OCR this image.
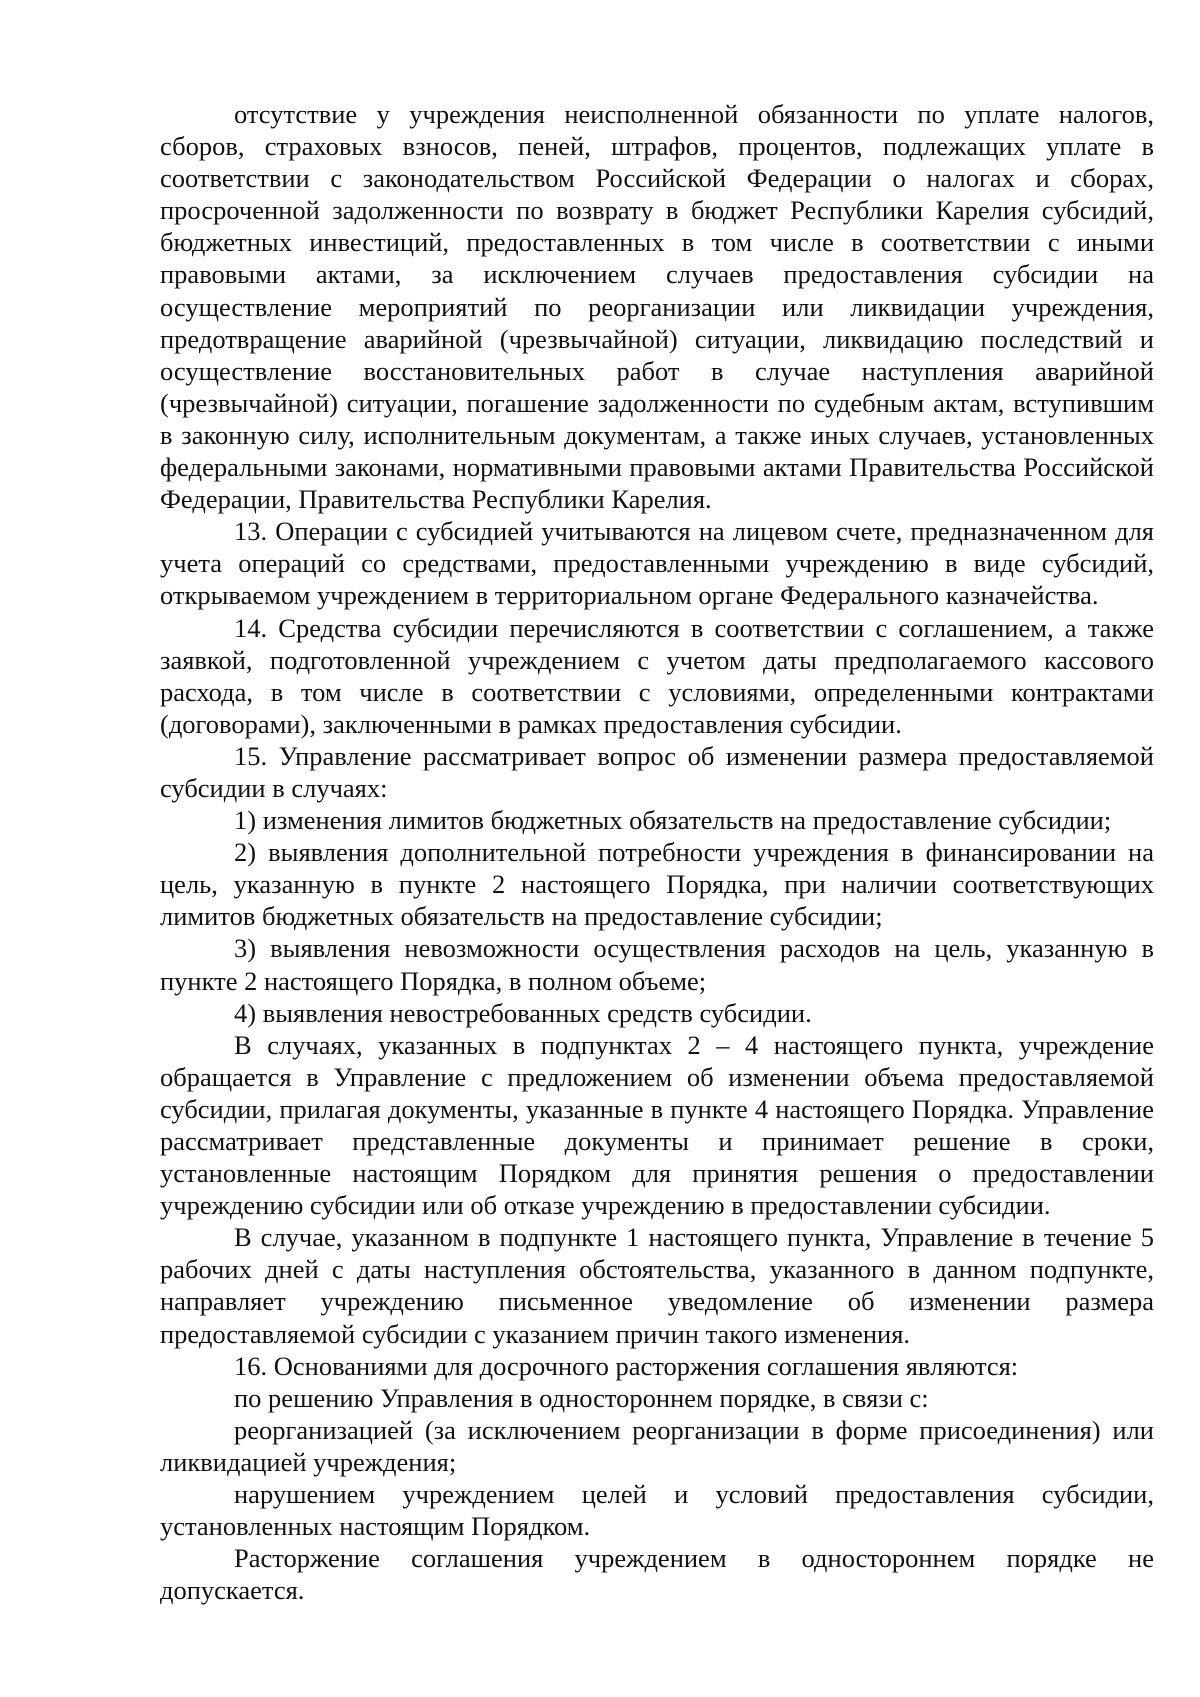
отсутствие у учреждения неисполненной обязанности по уплате налогов, сборов, страховых взносов, пеней, штрафов, процентов, подлежащих уплате в соответствии с законодательством Российской Федерации о налогах и сборах, просроченной задолженности по возврату в бюджет Республики Карелия субсидий, бюджетных инвестиций, предоставленных в том числе в соответствии с иными правовыми актами, за исключением случаев предоставления субсидии на осуществление мероприятий по реорганизации или ликвидации учреждения, предотвращение аварийной (чрезвычайной) ситуации, ликвидацию последствий и осуществление восстановительных работ в случае наступления аварийной (чрезвычайной) ситуации, погашение задолженности по судебным актам, вступившим в законную силу, исполнительным документам, а также иных случаев, установленных федеральными законами, нормативными правовыми актами Правительства Российской Федерации, Правительства Республики Карелия.

13. Операции с субсидией учитываются на лицевом счете, предназначенном для учета операций со средствами, предоставленными учреждению в виде субсидий, открываемом учреждением в территориальном органе Федерального казначейства.

14. Средства субсидии перечисляются в соответствии с соглашением, а также заявкой, подготовленной учреждением с учетом даты предполагаемого кассового расхода, в том числе в соответствии с условиями, определенными контрактами (договорами), заключенными в рамках предоставления субсидии.

15. Управление рассматривает вопрос об изменении размера предоставляемой субсидии в случаях:

1) изменения лимитов бюджетных обязательств на предоставление субсидии;

2) выявления дополнительной потребности учреждения в финансировании на цель, указанную в пункте 2 настоящего Порядка, при наличии соответствующих лимитов бюджетных обязательств на предоставление субсидии;

3) выявления невозможности осуществления расходов на цель, указанную в пункте 2 настоящего Порядка, в полном объеме;

4) выявления невостребованных средств субсидии.

В случаях, указанных в подпунктах 2 – 4 настоящего пункта, учреждение обращается в Управление с предложением об изменении объема предоставляемой субсидии, прилагая документы, указанные в пункте 4 настоящего Порядка. Управление рассматривает представленные документы и принимает решение в сроки, установленные настоящим Порядком для принятия решения о предоставлении учреждению субсидии или об отказе учреждению в предоставлении субсидии.

В случае, указанном в подпункте 1 настоящего пункта, Управление в течение 5 рабочих дней с даты наступления обстоятельства, указанного в данном подпункте, направляет учреждению письменное уведомление об изменении размера предоставляемой субсидии с указанием причин такого изменения.

16. Основаниями для досрочного расторжения соглашения являются:

по решению Управления в одностороннем порядке, в связи с:

реорганизацией (за исключением реорганизации в форме присоединения) или ликвидацией учреждения;

нарушением учреждением целей и условий предоставления субсидии, установленных настоящим Порядком.

Расторжение соглашения учреждением в одностороннем порядке не допускается.
